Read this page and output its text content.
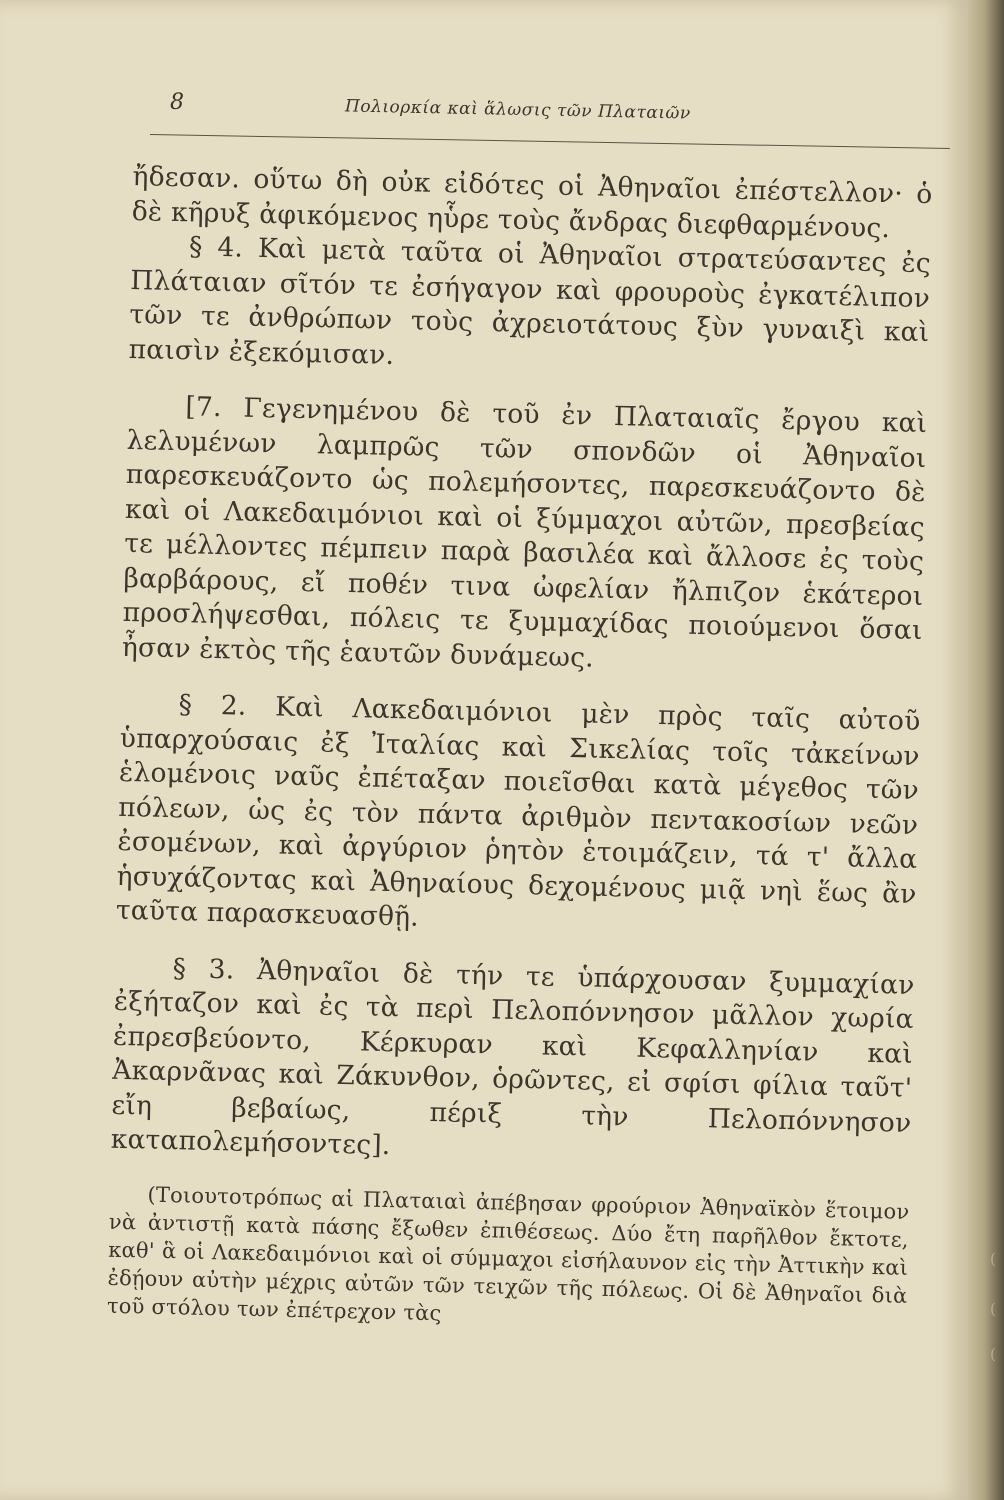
8	Πολιορκία καὶ ἅλωσις τῶν Πλαταιῶν

ἤδεσαν. οὕτω δὴ οὐκ εἰδότες οἱ Ἀθηναῖοι ἐπέστελλον· ὁ δὲ κῆρυξ ἀφικόμενος ηὗρε τοὺς ἄνδρας διεφθαρμένους.

§ 4. Καὶ μετὰ ταῦτα οἱ Ἀθηναῖοι στρατεύσαντες ἐς Πλάταιαν σῖτόν τε ἐσήγαγον καὶ φρουροὺς ἐγκατέλιπον τῶν τε ἀνθρώπων τοὺς ἀχρειοτάτους ξὺν γυναιξὶ καὶ παισὶν ἐξεκόμισαν.

[7. Γεγενημένου δὲ τοῦ ἐν Πλαταιαῖς ἔργου καὶ λελυμένων λαμπρῶς τῶν σπονδῶν οἱ Ἀθηναῖοι παρεσκευάζοντο ὡς πολεμήσοντες, παρεσκευάζοντο δὲ καὶ οἱ Λακεδαιμόνιοι καὶ οἱ ξύμμαχοι αὐτῶν, πρεσβείας τε μέλλοντες πέμπειν παρὰ βασιλέα καὶ ἄλλοσε ἐς τοὺς βαρβάρους, εἴ ποθέν τινα ὠφελίαν ἤλπιζον ἑκάτεροι προσλήψεσθαι, πόλεις τε ξυμμαχίδας ποιούμενοι ὅσαι ἦσαν ἐκτὸς τῆς ἑαυτῶν δυνάμεως.

§ 2. Καὶ Λακεδαιμόνιοι μὲν πρὸς ταῖς αὐτοῦ ὑπαρχούσαις ἐξ Ἰταλίας καὶ Σικελίας τοῖς τἀκείνων ἑλομένοις ναῦς ἐπέταξαν ποιεῖσθαι κατὰ μέγεθος τῶν πόλεων, ὡς ἐς τὸν πάντα ἀριθμὸν πεντακοσίων νεῶν ἐσομένων, καὶ ἀργύριον ῥητὸν ἑτοιμάζειν, τά τ' ἄλλα ἡσυχάζοντας καὶ Ἀθηναίους δεχομένους μιᾷ νηὶ ἕως ἂν ταῦτα παρασκευασθῇ.

§ 3. Ἀθηναῖοι δὲ τήν τε ὑπάρχουσαν ξυμμαχίαν ἐξήταζον καὶ ἐς τὰ περὶ Πελοπόννησον μᾶλλον χωρία ἐπρεσβεύοντο, Κέρκυραν καὶ Κεφαλληνίαν καὶ Ἀκαρνᾶνας καὶ Ζάκυνθον, ὁρῶντες, εἰ σφίσι φίλια ταῦτ' εἴη βεβαίως, πέριξ τὴν Πελοπόννησον καταπολεμήσοντες].

(Τοιουτοτρόπως αἱ Πλαταιαὶ ἀπέβησαν φρούριον Ἀθηναϊκὸν ἕτοιμον νὰ ἀντιστῇ κατὰ πάσης ἔξωθεν ἐπιθέσεως. Δύο ἔτη παρῆλθον ἔκτοτε, καθ' ἃ οἱ Λακεδαιμόνιοι καὶ οἱ σύμμαχοι εἰσήλαυνον εἰς τὴν Ἀττικὴν καὶ ἐδῄουν αὐτὴν μέχρις αὐτῶν τῶν τειχῶν τῆς πόλεως. Οἱ δὲ Ἀθηναῖοι διὰ τοῦ στόλου των ἐπέτρεχον τὰς

(
(
(
